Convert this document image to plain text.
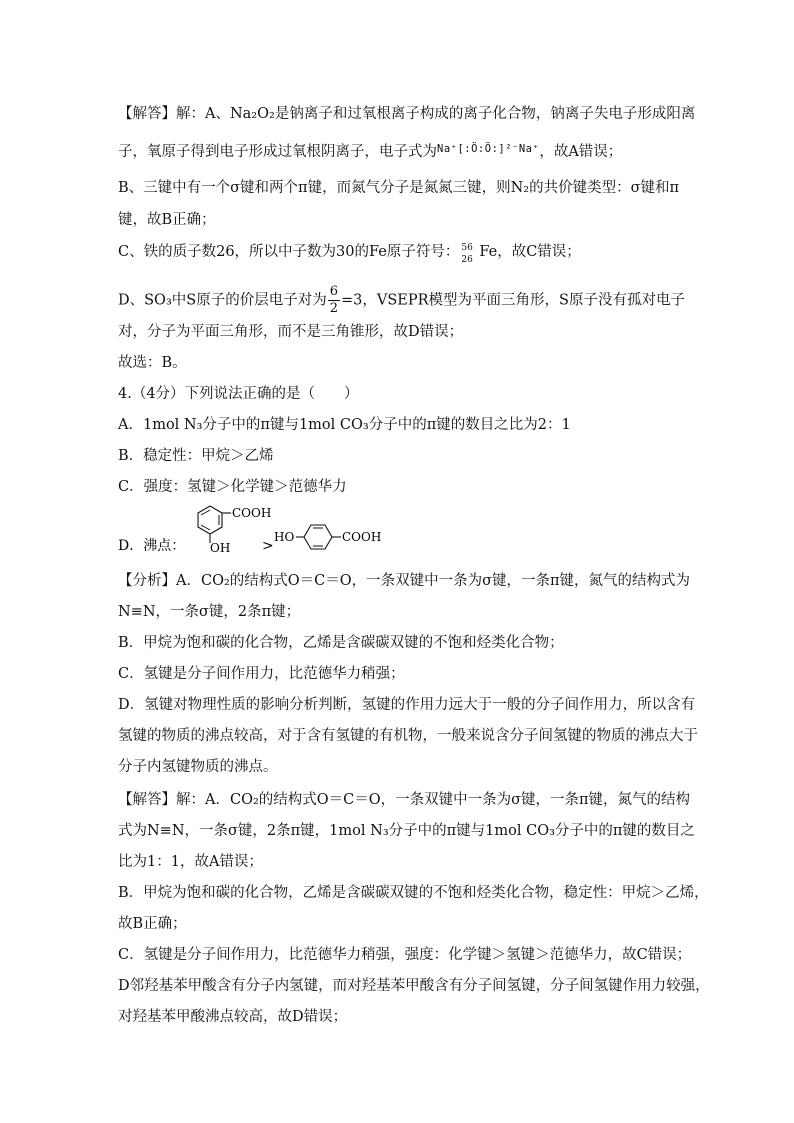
【解答】解：A、Na₂O₂是钠离子和过氧根离子构成的离子化合物，钠离子失电子形成阳离
子，氧原子得到电子形成过氧根阴离子，电子式为Na⁺[:Ö:Ö:]²⁻Na⁺，故A错误；
B、三键中有一个σ键和两个π键，而氮气分子是氮氮三键，则N₂的共价键类型：σ键和π
键，故B正确；
C、铁的质子数26，所以中子数为30的Fe原子符号： 56
26 Fe，故C错误；
D、SO₃中S原子的价层电子对为 $\frac{6}{2} =3$，VSEPR模型为平面三角形，S原子没有孤对电子
对，分子为平面三角形，而不是三角锥形，故D错误；
故选：B。
4.（4分）下列说法正确的是（　　）
A．1mol N₃分子中的π键与1mol CO₃分子中的π键的数目之比为2：1
B．稳定性：甲烷＞乙烯
C．强度：氢键＞化学键＞范德华力
D．沸点：
COOH
OH >
HO	COOH
【分析】A．CO₂的结构式O＝C＝O，一条双键中一条为σ键，一条π键，氮气的结构式为
N≡N，一条σ键，2条π键；
B．甲烷为饱和碳的化合物，乙烯是含碳碳双键的不饱和烃类化合物；
C．氢键是分子间作用力，比范德华力稍强；
D．氢键对物理性质的影响分析判断，氢键的作用力远大于一般的分子间作用力，所以含有
氢键的物质的沸点较高，对于含有氢键的有机物，一般来说含分子间氢键的物质的沸点大于
分子内氢键物质的沸点。
【解答】解：A．CO₂的结构式O＝C＝O，一条双键中一条为σ键，一条π键，氮气的结构
式为N≡N，一条σ键，2条π键，1mol N₃分子中的π键与1mol CO₃分子中的π键的数目之
比为1：1，故A错误；
B．甲烷为饱和碳的化合物，乙烯是含碳碳双键的不饱和烃类化合物，稳定性：甲烷＞乙烯，
故B正确；
C．氢键是分子间作用力，比范德华力稍强，强度：化学键＞氢键＞范德华力，故C错误；
D邻羟基苯甲酸含有分子内氢键，而对羟基苯甲酸含有分子间氢键，分子间氢键作用力较强，
对羟基苯甲酸沸点较高，故D错误；
